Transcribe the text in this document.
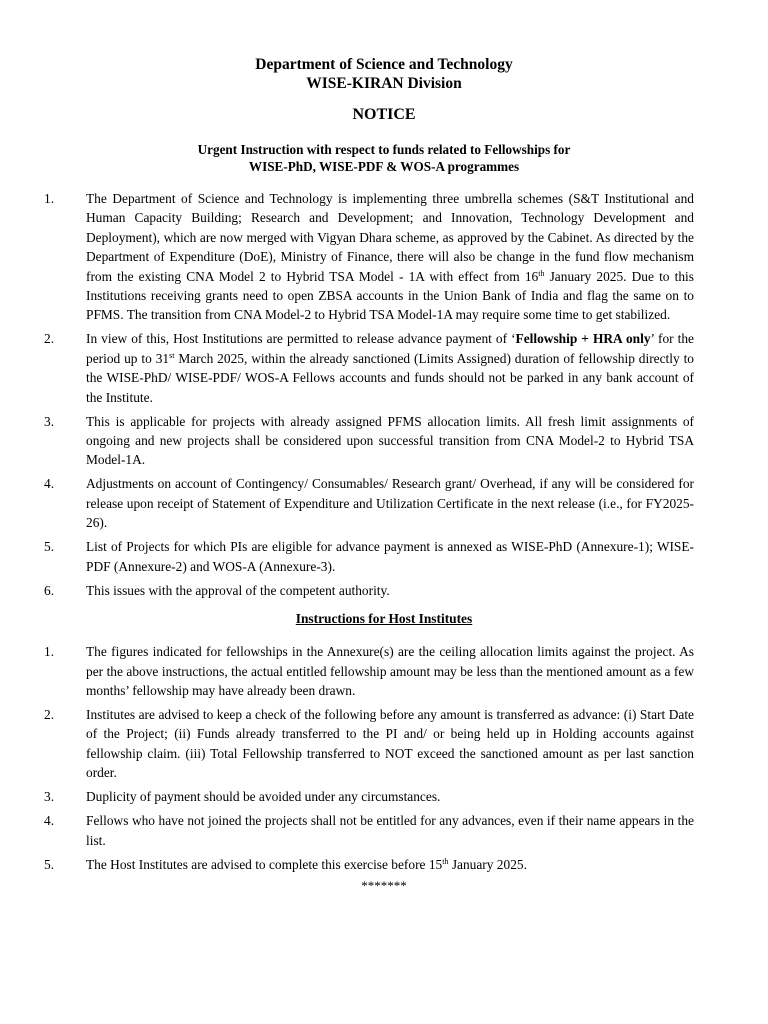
Department of Science and Technology
WISE-KIRAN Division
NOTICE
Urgent Instruction with respect to funds related to Fellowships for
WISE-PhD, WISE-PDF & WOS-A programmes
1.	The Department of Science and Technology is implementing three umbrella schemes (S&T Institutional and Human Capacity Building; Research and Development; and Innovation, Technology Development and Deployment), which are now merged with Vigyan Dhara scheme, as approved by the Cabinet. As directed by the Department of Expenditure (DoE), Ministry of Finance, there will also be change in the fund flow mechanism from the existing CNA Model 2 to Hybrid TSA Model - 1A with effect from 16th January 2025. Due to this Institutions receiving grants need to open ZBSA accounts in the Union Bank of India and flag the same on to PFMS. The transition from CNA Model-2 to Hybrid TSA Model-1A may require some time to get stabilized.
2.	In view of this, Host Institutions are permitted to release advance payment of ‘Fellowship + HRA only’ for the period up to 31st March 2025, within the already sanctioned (Limits Assigned) duration of fellowship directly to the WISE-PhD/ WISE-PDF/ WOS-A Fellows accounts and funds should not be parked in any bank account of the Institute.
3.	This is applicable for projects with already assigned PFMS allocation limits. All fresh limit assignments of ongoing and new projects shall be considered upon successful transition from CNA Model-2 to Hybrid TSA Model-1A.
4.	Adjustments on account of Contingency/ Consumables/ Research grant/ Overhead, if any will be considered for release upon receipt of Statement of Expenditure and Utilization Certificate in the next release (i.e., for FY2025-26).
5.	List of Projects for which PIs are eligible for advance payment is annexed as WISE-PhD (Annexure-1); WISE-PDF (Annexure-2) and WOS-A (Annexure-3).
6.	This issues with the approval of the competent authority.
Instructions for Host Institutes
1.	The figures indicated for fellowships in the Annexure(s) are the ceiling allocation limits against the project. As per the above instructions, the actual entitled fellowship amount may be less than the mentioned amount as a few months’ fellowship may have already been drawn.
2.	Institutes are advised to keep a check of the following before any amount is transferred as advance: (i) Start Date of the Project; (ii) Funds already transferred to the PI and/ or being held up in Holding accounts against fellowship claim. (iii) Total Fellowship transferred to NOT exceed the sanctioned amount as per last sanction order.
3.	Duplicity of payment should be avoided under any circumstances.
4.	Fellows who have not joined the projects shall not be entitled for any advances, even if their name appears in the list.
5.	The Host Institutes are advised to complete this exercise before 15th January 2025.
*******
